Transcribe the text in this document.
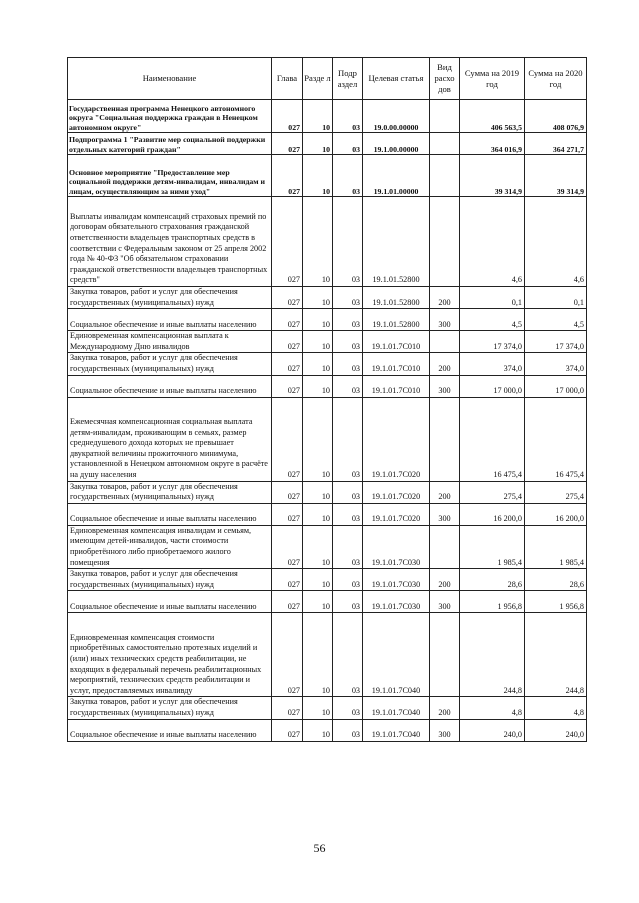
Наименование	Глава	Разде л	Подр аздел	Целевая статья	Вид расхо дов	Сумма на 2019 год	Сумма на 2020 год
Государственная программа Ненецкого автономного округа "Социальная поддержка граждан в Ненецком автономном округе"	027	10	03	19.0.00.00000		406 563,5	408 076,9
Подпрограмма 1 "Развитие мер социальной поддержки отдельных категорий граждан"	027	10	03	19.1.00.00000		364 016,9	364 271,7
Основное мероприятие "Предоставление мер социальной поддержки детям-инвалидам, инвалидам и лицам, осуществляющим за ними уход"	027	10	03	19.1.01.00000		39 314,9	39 314,9
Выплаты инвалидам компенсаций страховых премий по договорам обязательного страхования гражданской ответственности владельцев транспортных средств в соответствии с Федеральным законом от 25 апреля 2002 года № 40-ФЗ "Об обязательном страховании гражданской ответственности владельцев транспортных средств"	027	10	03	19.1.01.52800		4,6	4,6
Закупка товаров, работ и услуг для обеспечения государственных (муниципальных) нужд	027	10	03	19.1.01.52800	200	0,1	0,1
Социальное обеспечение и иные выплаты населению	027	10	03	19.1.01.52800	300	4,5	4,5
Единовременная компенсационная выплата к Международному Дню инвалидов	027	10	03	19.1.01.7С010		17 374,0	17 374,0
Закупка товаров, работ и услуг для обеспечения государственных (муниципальных) нужд	027	10	03	19.1.01.7С010	200	374,0	374,0
Социальное обеспечение и иные выплаты населению	027	10	03	19.1.01.7С010	300	17 000,0	17 000,0
Ежемесячная компенсационная социальная выплата детям-инвалидам, проживающим в семьях, размер среднедушевого дохода которых не превышает двукратной величины прожиточного минимума, установленной в Ненецком автономном округе в расчёте на душу населения	027	10	03	19.1.01.7С020		16 475,4	16 475,4
Закупка товаров, работ и услуг для обеспечения государственных (муниципальных) нужд	027	10	03	19.1.01.7С020	200	275,4	275,4
Социальное обеспечение и иные выплаты населению	027	10	03	19.1.01.7С020	300	16 200,0	16 200,0
Единовременная компенсация инвалидам и семьям, имеющим детей-инвалидов, части стоимости приобретённого либо приобретаемого жилого помещения	027	10	03	19.1.01.7С030		1 985,4	1 985,4
Закупка товаров, работ и услуг для обеспечения государственных (муниципальных) нужд	027	10	03	19.1.01.7С030	200	28,6	28,6
Социальное обеспечение и иные выплаты населению	027	10	03	19.1.01.7С030	300	1 956,8	1 956,8
Единовременная компенсация стоимости приобретённых самостоятельно протезных изделий и (или) иных технических средств реабилитации, не входящих в федеральный перечень реабилитационных мероприятий, технических средств реабилитации и услуг, предоставляемых инваливду	027	10	03	19.1.01.7С040		244,8	244,8
Закупка товаров, работ и услуг для обеспечения государственных (муниципальных) нужд	027	10	03	19.1.01.7С040	200	4,8	4,8
Социальное обеспечение и иные выплаты населению	027	10	03	19.1.01.7С040	300	240,0	240,0
56
